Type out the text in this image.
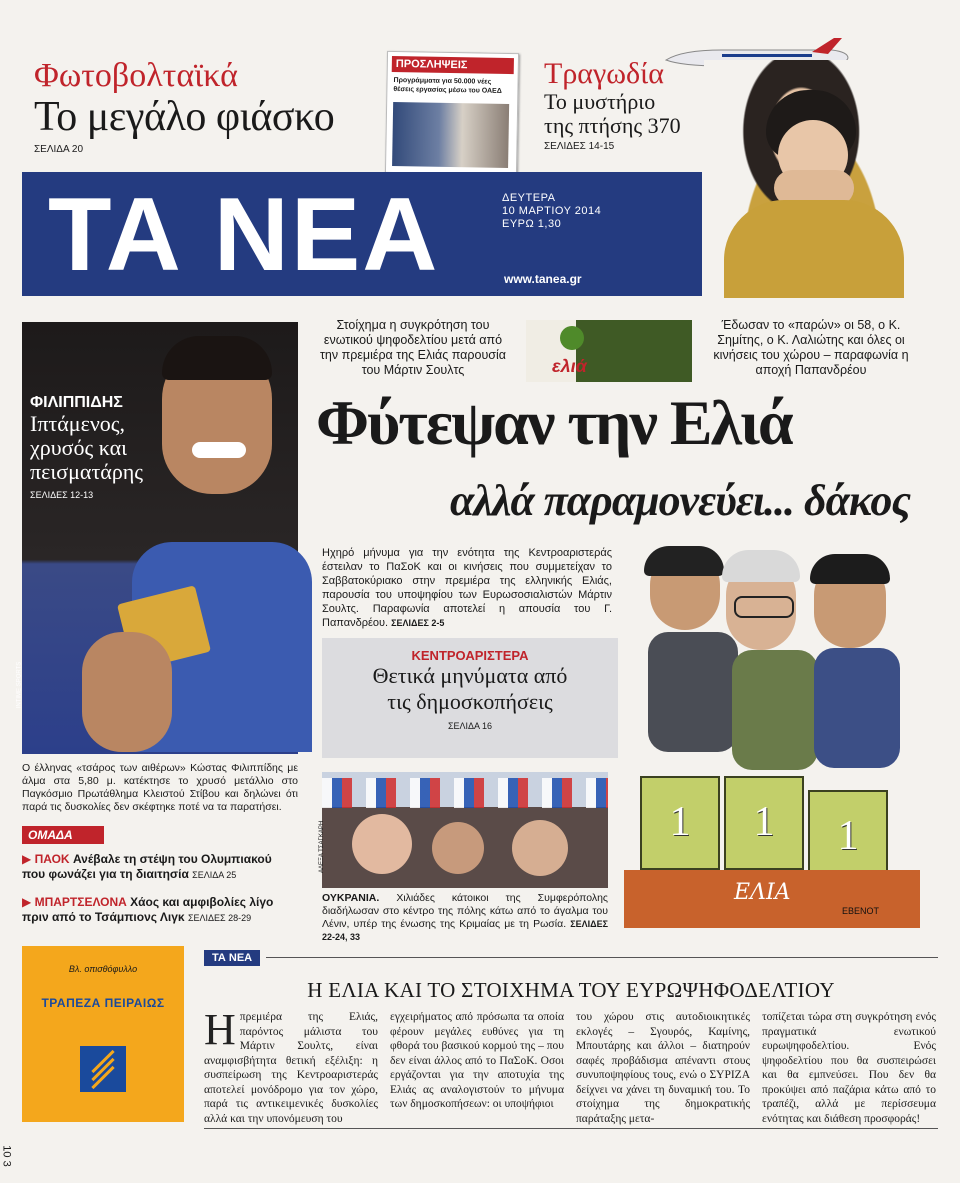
Φωτοβολταϊκά
Το μεγάλο φιάσκο
ΣΕΛΙΔΑ 20
ΠΡΟΣΛΗΨΕΙΣ
Προγράμματα για 50.000 νέες θέσεις εργασίας μέσω του ΟΑΕΔ
Τραγωδία
Το μυστήριο
της πτήσης 370
ΣΕΛΙΔΕΣ 14-15
ΤΑ ΝΕΑ	ΔΕΥΤΕΡΑ
10 ΜΑΡΤΙΟΥ 2014
ΕΥΡΩ 1,30
www.tanea.gr
INTIME SPORTS
ΦΙΛΙΠΠΙΔΗΣ
Ιπτάμενος,
χρυσός και
πεισματάρης
ΣΕΛΙΔΕΣ 12-13
Ο έλληνας «τσάρος των αιθέρων» Κώστας Φιλιππίδης με άλμα στα 5,80 μ. κατέκτησε το χρυσό μετάλλιο στο Παγκόσμιο Πρωτάθλημα Κλειστού Στίβου και δηλώνει ότι παρά τις δυσκολίες δεν σκέφτηκε ποτέ να τα παρατήσει.
ΟΜΑΔΑ
▶ ΠΑΟΚ Ανέβαλε τη στέψη του Ολυμπιακού που φωνάζει για τη διαιτησία ΣΕΛΙΔΑ 25
▶ ΜΠΑΡΤΣΕΛΟΝΑ Χάος και αμφιβολίες λίγο πριν από το Τσάμπιονς Λιγκ ΣΕΛΙΔΕΣ 28-29
Στοίχημα η συγκρότηση του ενωτικού ψηφοδελτίου μετά από την πρεμιέρα της Ελιάς παρουσία του Μάρτιν Σουλτς	ελιά
Έδωσαν το «παρών» οι 58, ο Κ. Σημίτης, ο Κ. Λαλιώτης και όλες οι κινήσεις του χώρου – παραφωνία η αποχή Παπανδρέου
Φύτεψαν την Ελιά
αλλά παραμονεύει... δάκος
Ηχηρό μήνυμα για την ενότητα της Κεντροαριστεράς έστειλαν το ΠαΣοΚ και οι κινήσεις που συμμετείχαν το Σαββατοκύριακο στην πρεμιέρα της ελληνικής Ελιάς, παρουσία του υποψηφίου των Ευρωσοσιαλιστών Μάρτιν Σουλτς. Παραφωνία αποτελεί η απουσία του Γ. Παπανδρέου. ΣΕΛΙΔΕΣ 2-5
ΚΕΝΤΡΟΑΡΙΣΤΕΡΑ
Θετικά μηνύματα από
τις δημοσκοπήσεις
ΣΕΛΙΔΑ 16
ΑΛΕΞΑ ΤΣΑΓΚΑΡΗ
ΟΥΚΡΑΝΙΑ. Χιλιάδες κάτοικοι της Συμφερόπολης διαδήλωσαν στο κέντρο της πόλης κάτω από το άγαλμα του Λένιν, υπέρ της ένωσης της Κριμαίας με τη Ρωσία. ΣΕΛΙΔΕΣ 22-24, 33
1	1	1
ΕΛΙΑ
ΕΒΕΝΟΤ
Βλ. οπισθόφυλλο
ΤΡΑΠΕΖΑ ΠΕΙΡΑΙΩΣ
10 3
ΤΑ ΝΕΑ
Η ΕΛΙΑ ΚΑΙ ΤΟ ΣΤΟΙΧΗΜΑ ΤΟΥ ΕΥΡΩΨΗΦΟΔΕΛΤΙΟΥ
Η πρεμιέρα της Ελιάς, παρόντος μάλιστα του Μάρτιν Σουλτς, είναι αναμφισβήτητα θετική εξέλιξη: η συσπείρωση της Κεντροαριστεράς αποτελεί μονόδρομο για τον χώρο, παρά τις αντικειμενικές δυσκολίες αλλά και την υπονόμευση του
εγχειρήματος από πρόσωπα τα οποία φέρουν μεγάλες ευθύνες για τη φθορά του βασικού κορμού της – που δεν είναι άλλος από το ΠαΣοΚ. Οσοι εργάζονται για την αποτυχία της Ελιάς ας αναλογιστούν το μήνυμα των δημοσκοπήσεων: οι υποψήφιοι
του χώρου στις αυτοδιοικητικές εκλογές – Σγουρός, Καμίνης, Μπουτάρης και άλλοι – διατηρούν σαφές προβάδισμα απέναντι στους συνυποψηφίους τους, ενώ ο ΣΥΡΙΖΑ δείχνει να χάνει τη δυναμική του. Το στοίχημα της δημοκρατικής παράταξης μετα-
τοπίζεται τώρα στη συγκρότηση ενός πραγματικά ενωτικού ευρωψηφοδελτίου. Ενός ψηφοδελτίου που θα συσπειρώσει και θα εμπνεύσει. Που δεν θα προκύψει από παζάρια κάτω από το τραπέζι, αλλά με περίσσευμα ενότητας και διάθεση προσφοράς!
